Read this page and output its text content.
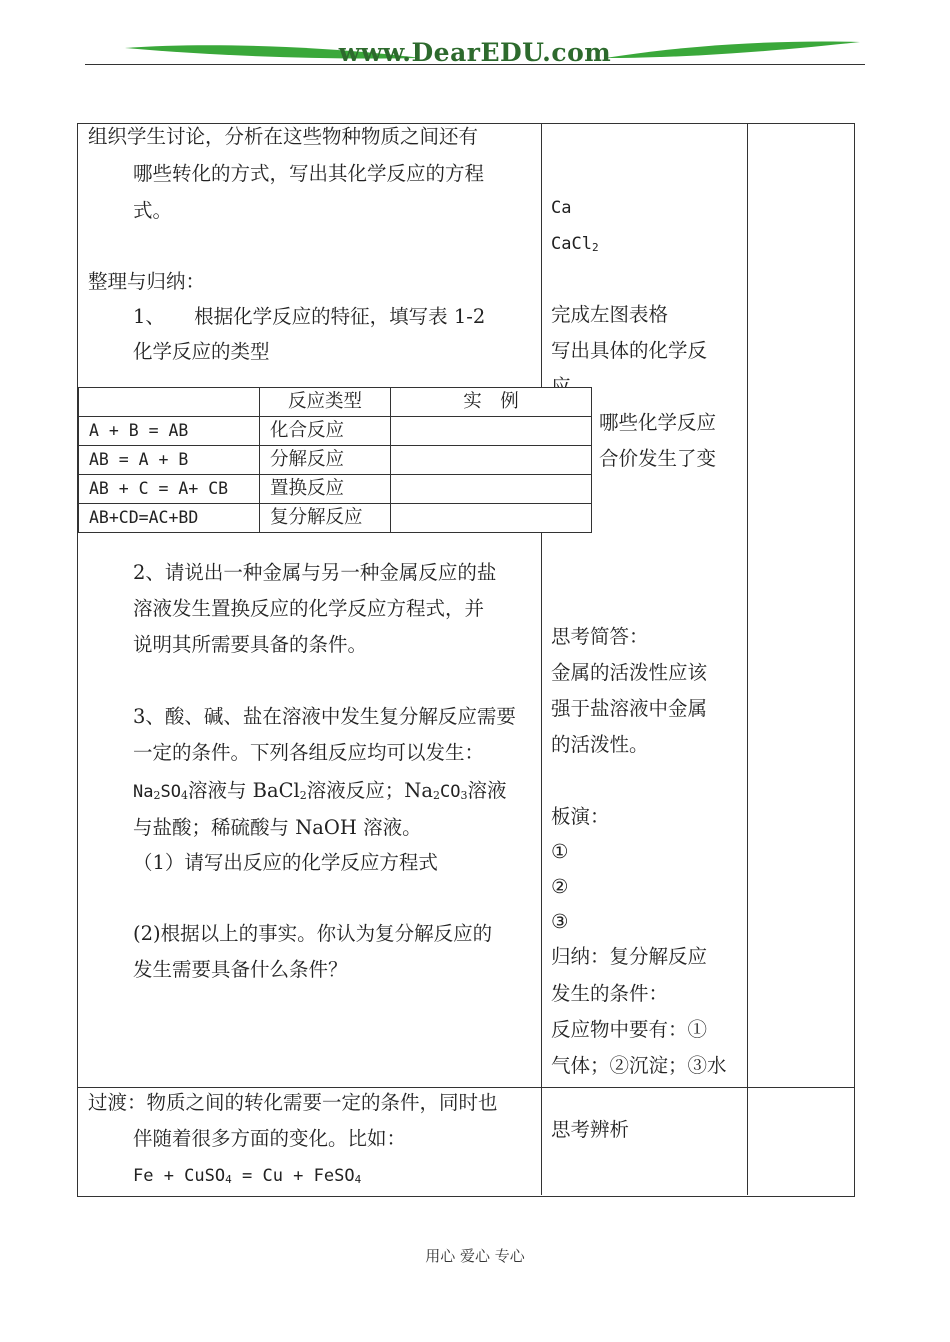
www.DearEDU.com
组织学生讨论，分析在这些物种物质之间还有
哪些转化的方式，写出其化学反应的方程
式。
整理与归纳：
1、　　根据化学反应的特征，填写表 1-2
化学反应的类型
Ca
CaCl$_2$
完成左图表格
写出具体的化学反
哪些化学反应
合价发生了变
	反应类型	实　例
A + B = AB	化合反应	
AB = A + B	分解反应	
AB + C = A+ CB	置换反应	
AB+CD=AC+BD	复分解反应	
2、请说出一种金属与另一种金属反应的盐
溶液发生置换反应的化学反应方程式，并
说明其所需要具备的条件。
3、酸、碱、盐在溶液中发生复分解反应需要
一定的条件。下列各组反应均可以发生：
$Na_2SO_4$溶液与 BaCl$_2$溶液反应；$Na_2CO_3$溶液
与盐酸；稀硫酸与 NaOH 溶液。
（1）请写出反应的化学反应方程式
(2)根据以上的事实。你认为复分解反应的
发生需要具备什么条件？
思考简答：
金属的活泼性应该
强于盐溶液中金属
的活泼性。
板演：
①
②
③
归纳：复分解反应
发生的条件：
反应物中要有：①
气体；②沉淀；③水
过渡：物质之间的转化需要一定的条件，同时也
伴随着很多方面的变化。比如：
Fe + CuSO$_4$ = Cu + FeSO$_4$
思考辨析
用心 爱心 专心
